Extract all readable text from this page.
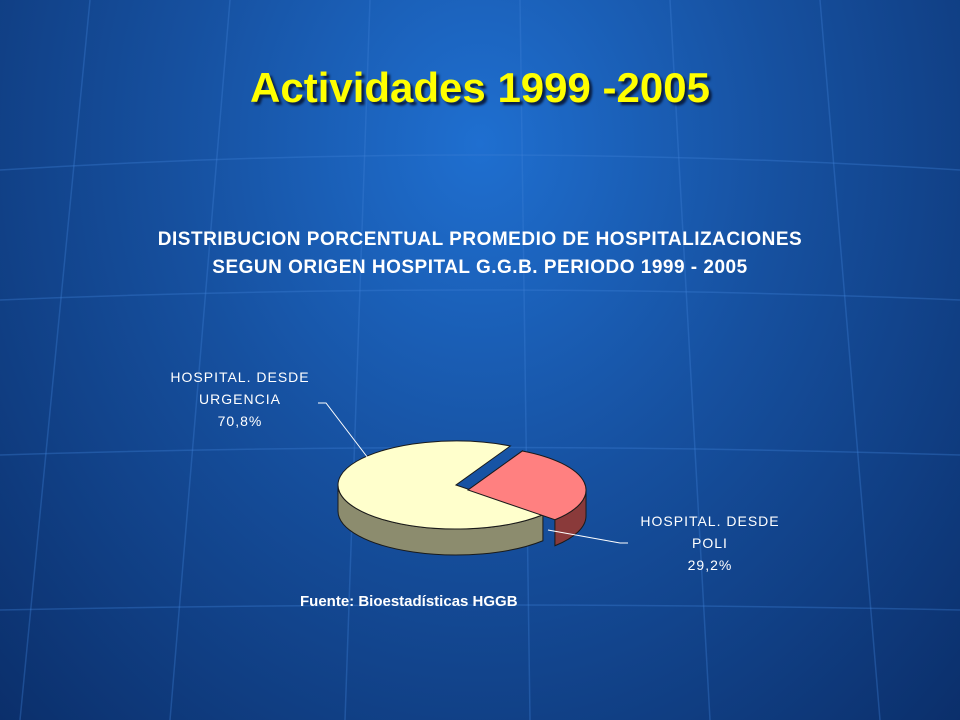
Actividades 1999 -2005
DISTRIBUCION PORCENTUAL PROMEDIO DE HOSPITALIZACIONES
SEGUN ORIGEN HOSPITAL G.G.B. PERIODO 1999 - 2005
HOSPITAL. DESDE
URGENCIA
70,8%
HOSPITAL. DESDE
POLI
29,2%
Fuente: Bioestadísticas HGGB
